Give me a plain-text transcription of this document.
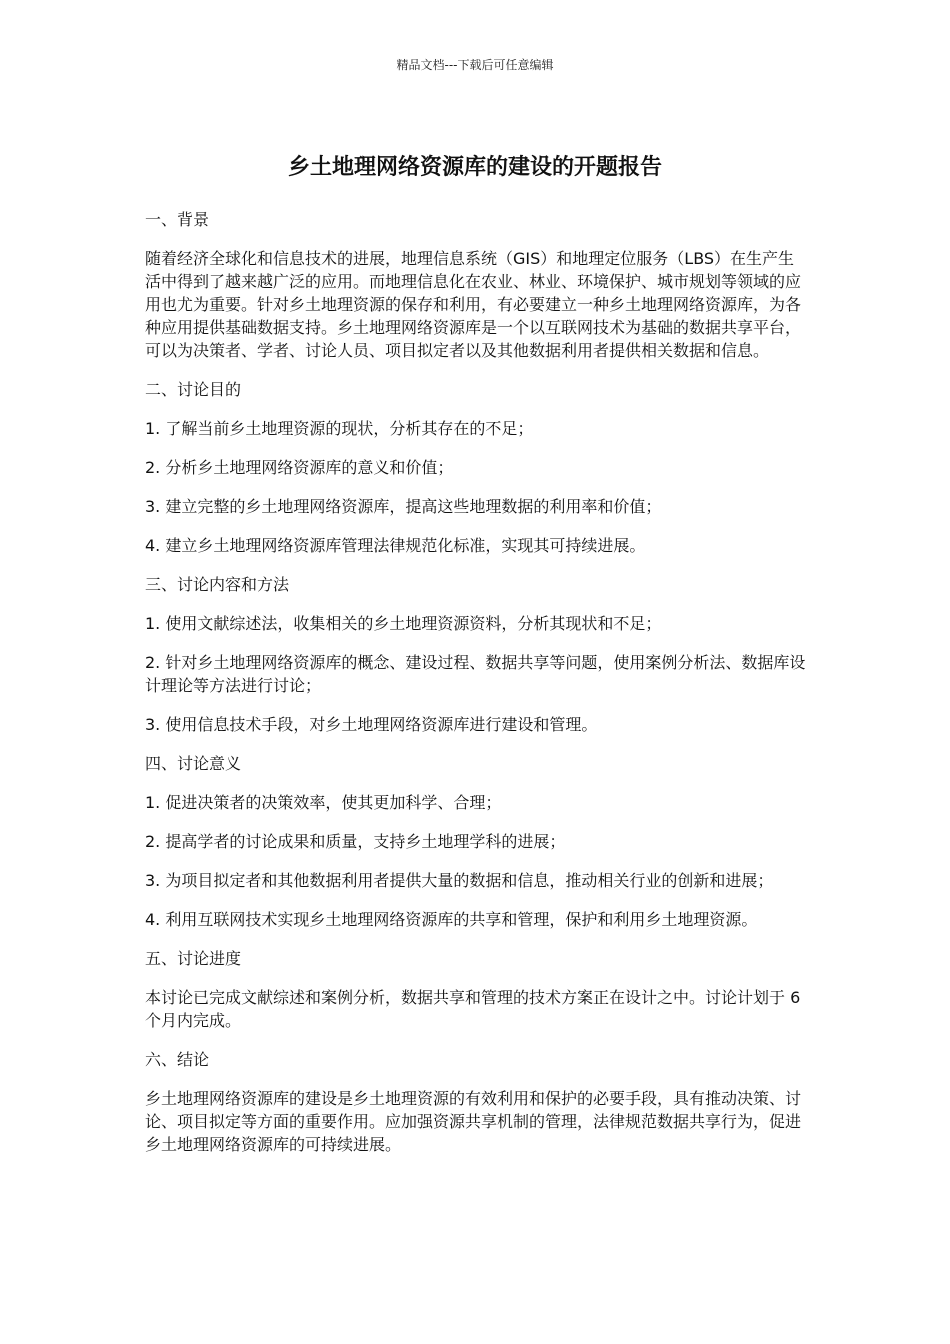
精品文档---下载后可任意编辑
乡土地理网络资源库的建设的开题报告
一、背景

随着经济全球化和信息技术的进展，地理信息系统（GIS）和地理定位服务（LBS）在生产生活中得到了越来越广泛的应用。而地理信息化在农业、林业、环境保护、城市规划等领域的应用也尤为重要。针对乡土地理资源的保存和利用，有必要建立一种乡土地理网络资源库，为各种应用提供基础数据支持。乡土地理网络资源库是一个以互联网技术为基础的数据共享平台，可以为决策者、学者、讨论人员、项目拟定者以及其他数据利用者提供相关数据和信息。

二、讨论目的

1. 了解当前乡土地理资源的现状，分析其存在的不足；

2. 分析乡土地理网络资源库的意义和价值；

3. 建立完整的乡土地理网络资源库，提高这些地理数据的利用率和价值；

4. 建立乡土地理网络资源库管理法律规范化标准，实现其可持续进展。

三、讨论内容和方法

1. 使用文献综述法，收集相关的乡土地理资源资料，分析其现状和不足；

2. 针对乡土地理网络资源库的概念、建设过程、数据共享等问题，使用案例分析法、数据库设计理论等方法进行讨论；

3. 使用信息技术手段，对乡土地理网络资源库进行建设和管理。

四、讨论意义

1. 促进决策者的决策效率，使其更加科学、合理；

2. 提高学者的讨论成果和质量，支持乡土地理学科的进展；

3. 为项目拟定者和其他数据利用者提供大量的数据和信息，推动相关行业的创新和进展；

4. 利用互联网技术实现乡土地理网络资源库的共享和管理，保护和利用乡土地理资源。

五、讨论进度

本讨论已完成文献综述和案例分析，数据共享和管理的技术方案正在设计之中。讨论计划于 6 个月内完成。

六、结论

乡土地理网络资源库的建设是乡土地理资源的有效利用和保护的必要手段，具有推动决策、讨论、项目拟定等方面的重要作用。应加强资源共享机制的管理，法律规范数据共享行为，促进乡土地理网络资源库的可持续进展。
